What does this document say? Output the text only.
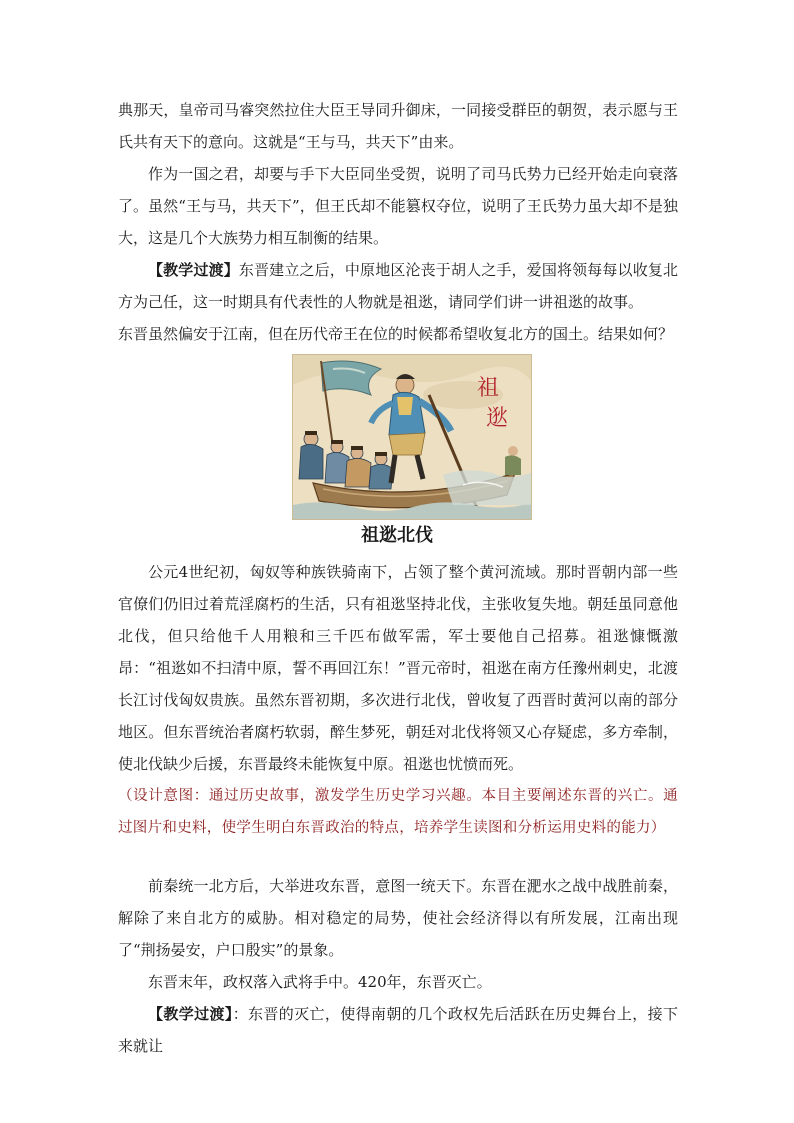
典那天，皇帝司马睿突然拉住大臣王导同升御床，一同接受群臣的朝贺，表示愿与王氏共有天下的意向。这就是“王与马，共天下”由来。

作为一国之君，却要与手下大臣同坐受贺，说明了司马氏势力已经开始走向衰落了。 虽然“王与马，共天下”，但王氏却不能篡权夺位，说明了王氏势力虽大却不是独大，这是几个大族势力相互制衡的结果。

【教学过渡】东晋建立之后，中原地区沦丧于胡人之手，爱国将领每每以收复北方为己任，这一时期具有代表性的人物就是祖逖，请同学们讲一讲祖逖的故事。

东晋虽然偏安于江南，但在历代帝王在位的时候都希望收复北方的国土。结果如何？

祖
逖
祖逖北伐

公元4世纪初，匈奴等种族铁骑南下，占领了整个黄河流域。那时晋朝内部一些官僚们仍旧过着荒淫腐朽的生活，只有祖逖坚持北伐，主张收复失地。朝廷虽同意他北伐，但只给他千人用粮和三千匹布做军需，军士要他自己招募。祖逖慷慨激昂：“祖逖如不扫清中原，誓不再回江东！”晋元帝时，祖逖在南方任豫州刺史，北渡长江讨伐匈奴贵族。虽然东晋初期，多次进行北伐，曾收复了西晋时黄河以南的部分地区。但东晋统治者腐朽软弱，醉生梦死，朝廷对北伐将领又心存疑虑，多方牵制，使北伐缺少后援，东晋最终未能恢复中原。祖逖也忧愤而死。

（设计意图：通过历史故事，激发学生历史学习兴趣。本目主要阐述东晋的兴亡。通过图片和史料，使学生明白东晋政治的特点，培养学生读图和分析运用史料的能力）

前秦统一北方后，大举进攻东晋，意图一统天下。东晋在淝水之战中战胜前秦，解除了来自北方的威胁。相对稳定的局势，使社会经济得以有所发展，江南出现了“荆扬晏安，户口殷实”的景象。

东晋末年，政权落入武将手中。420年，东晋灭亡。

【教学过渡】：东晋的灭亡，使得南朝的几个政权先后活跃在历史舞台上，接下来就让
